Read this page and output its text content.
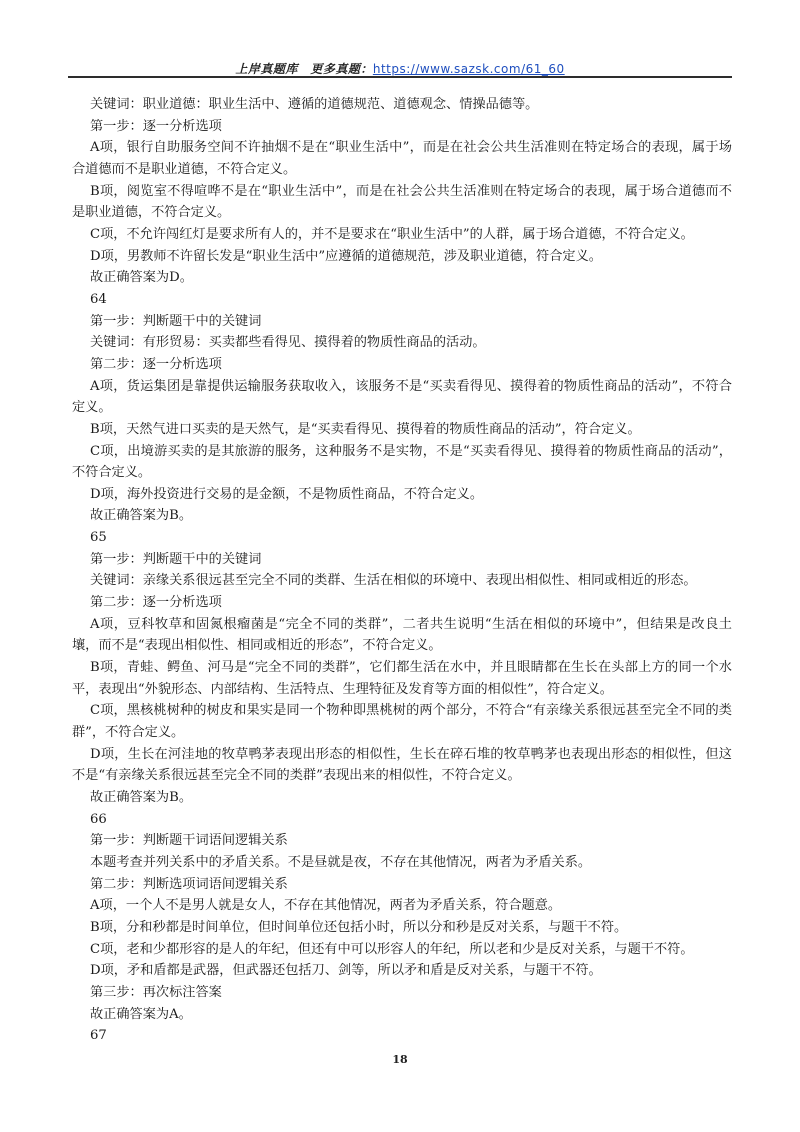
上岸真题库　更多真题：https://www.sazsk.com/61_60

关键词：职业道德：职业生活中、遵循的道德规范、道德观念、情操品德等。

第一步：逐一分析选项

A项，银行自助服务空间不许抽烟不是在“职业生活中”，而是在社会公共生活准则在特定场合的表现，属于场合道德而不是职业道德，不符合定义。

B项，阅览室不得喧哗不是在“职业生活中”，而是在社会公共生活准则在特定场合的表现，属于场合道德而不是职业道德，不符合定义。

C项，不允许闯红灯是要求所有人的，并不是要求在“职业生活中”的人群，属于场合道德，不符合定义。

D项，男教师不许留长发是“职业生活中”应遵循的道德规范，涉及职业道德，符合定义。

故正确答案为D。

64

第一步：判断题干中的关键词

关键词：有形贸易：买卖都些看得见、摸得着的物质性商品的活动。

第二步：逐一分析选项

A项，货运集团是靠提供运输服务获取收入，该服务不是“买卖看得见、摸得着的物质性商品的活动”，不符合定义。

B项，天然气进口买卖的是天然气，是“买卖看得见、摸得着的物质性商品的活动”，符合定义。

C项，出境游买卖的是其旅游的服务，这种服务不是实物，不是“买卖看得见、摸得着的物质性商品的活动”，不符合定义。

D项，海外投资进行交易的是金额，不是物质性商品，不符合定义。

故正确答案为B。

65

第一步：判断题干中的关键词

关键词：亲缘关系很远甚至完全不同的类群、生活在相似的环境中、表现出相似性、相同或相近的形态。

第二步：逐一分析选项

A项，豆科牧草和固氮根瘤菌是“完全不同的类群”，二者共生说明“生活在相似的环境中”，但结果是改良土壤，而不是“表现出相似性、相同或相近的形态”，不符合定义。

B项，青蛙、鳄鱼、河马是“完全不同的类群”，它们都生活在水中，并且眼睛都在生长在头部上方的同一个水平，表现出“外貌形态、内部结构、生活特点、生理特征及发育等方面的相似性”，符合定义。

C项，黑核桃树种的树皮和果实是同一个物种即黑桃树的两个部分，不符合“有亲缘关系很远甚至完全不同的类群”，不符合定义。

D项，生长在河洼地的牧草鸭茅表现出形态的相似性，生长在碎石堆的牧草鸭茅也表现出形态的相似性，但这不是“有亲缘关系很远甚至完全不同的类群”表现出来的相似性，不符合定义。

故正确答案为B。

66

第一步：判断题干词语间逻辑关系

本题考查并列关系中的矛盾关系。不是昼就是夜，不存在其他情况，两者为矛盾关系。

第二步：判断选项词语间逻辑关系

A项，一个人不是男人就是女人，不存在其他情况，两者为矛盾关系，符合题意。

B项，分和秒都是时间单位，但时间单位还包括小时，所以分和秒是反对关系，与题干不符。

C项，老和少都形容的是人的年纪，但还有中可以形容人的年纪，所以老和少是反对关系，与题干不符。

D项，矛和盾都是武器，但武器还包括刀、剑等，所以矛和盾是反对关系，与题干不符。

第三步：再次标注答案

故正确答案为A。

67

18
